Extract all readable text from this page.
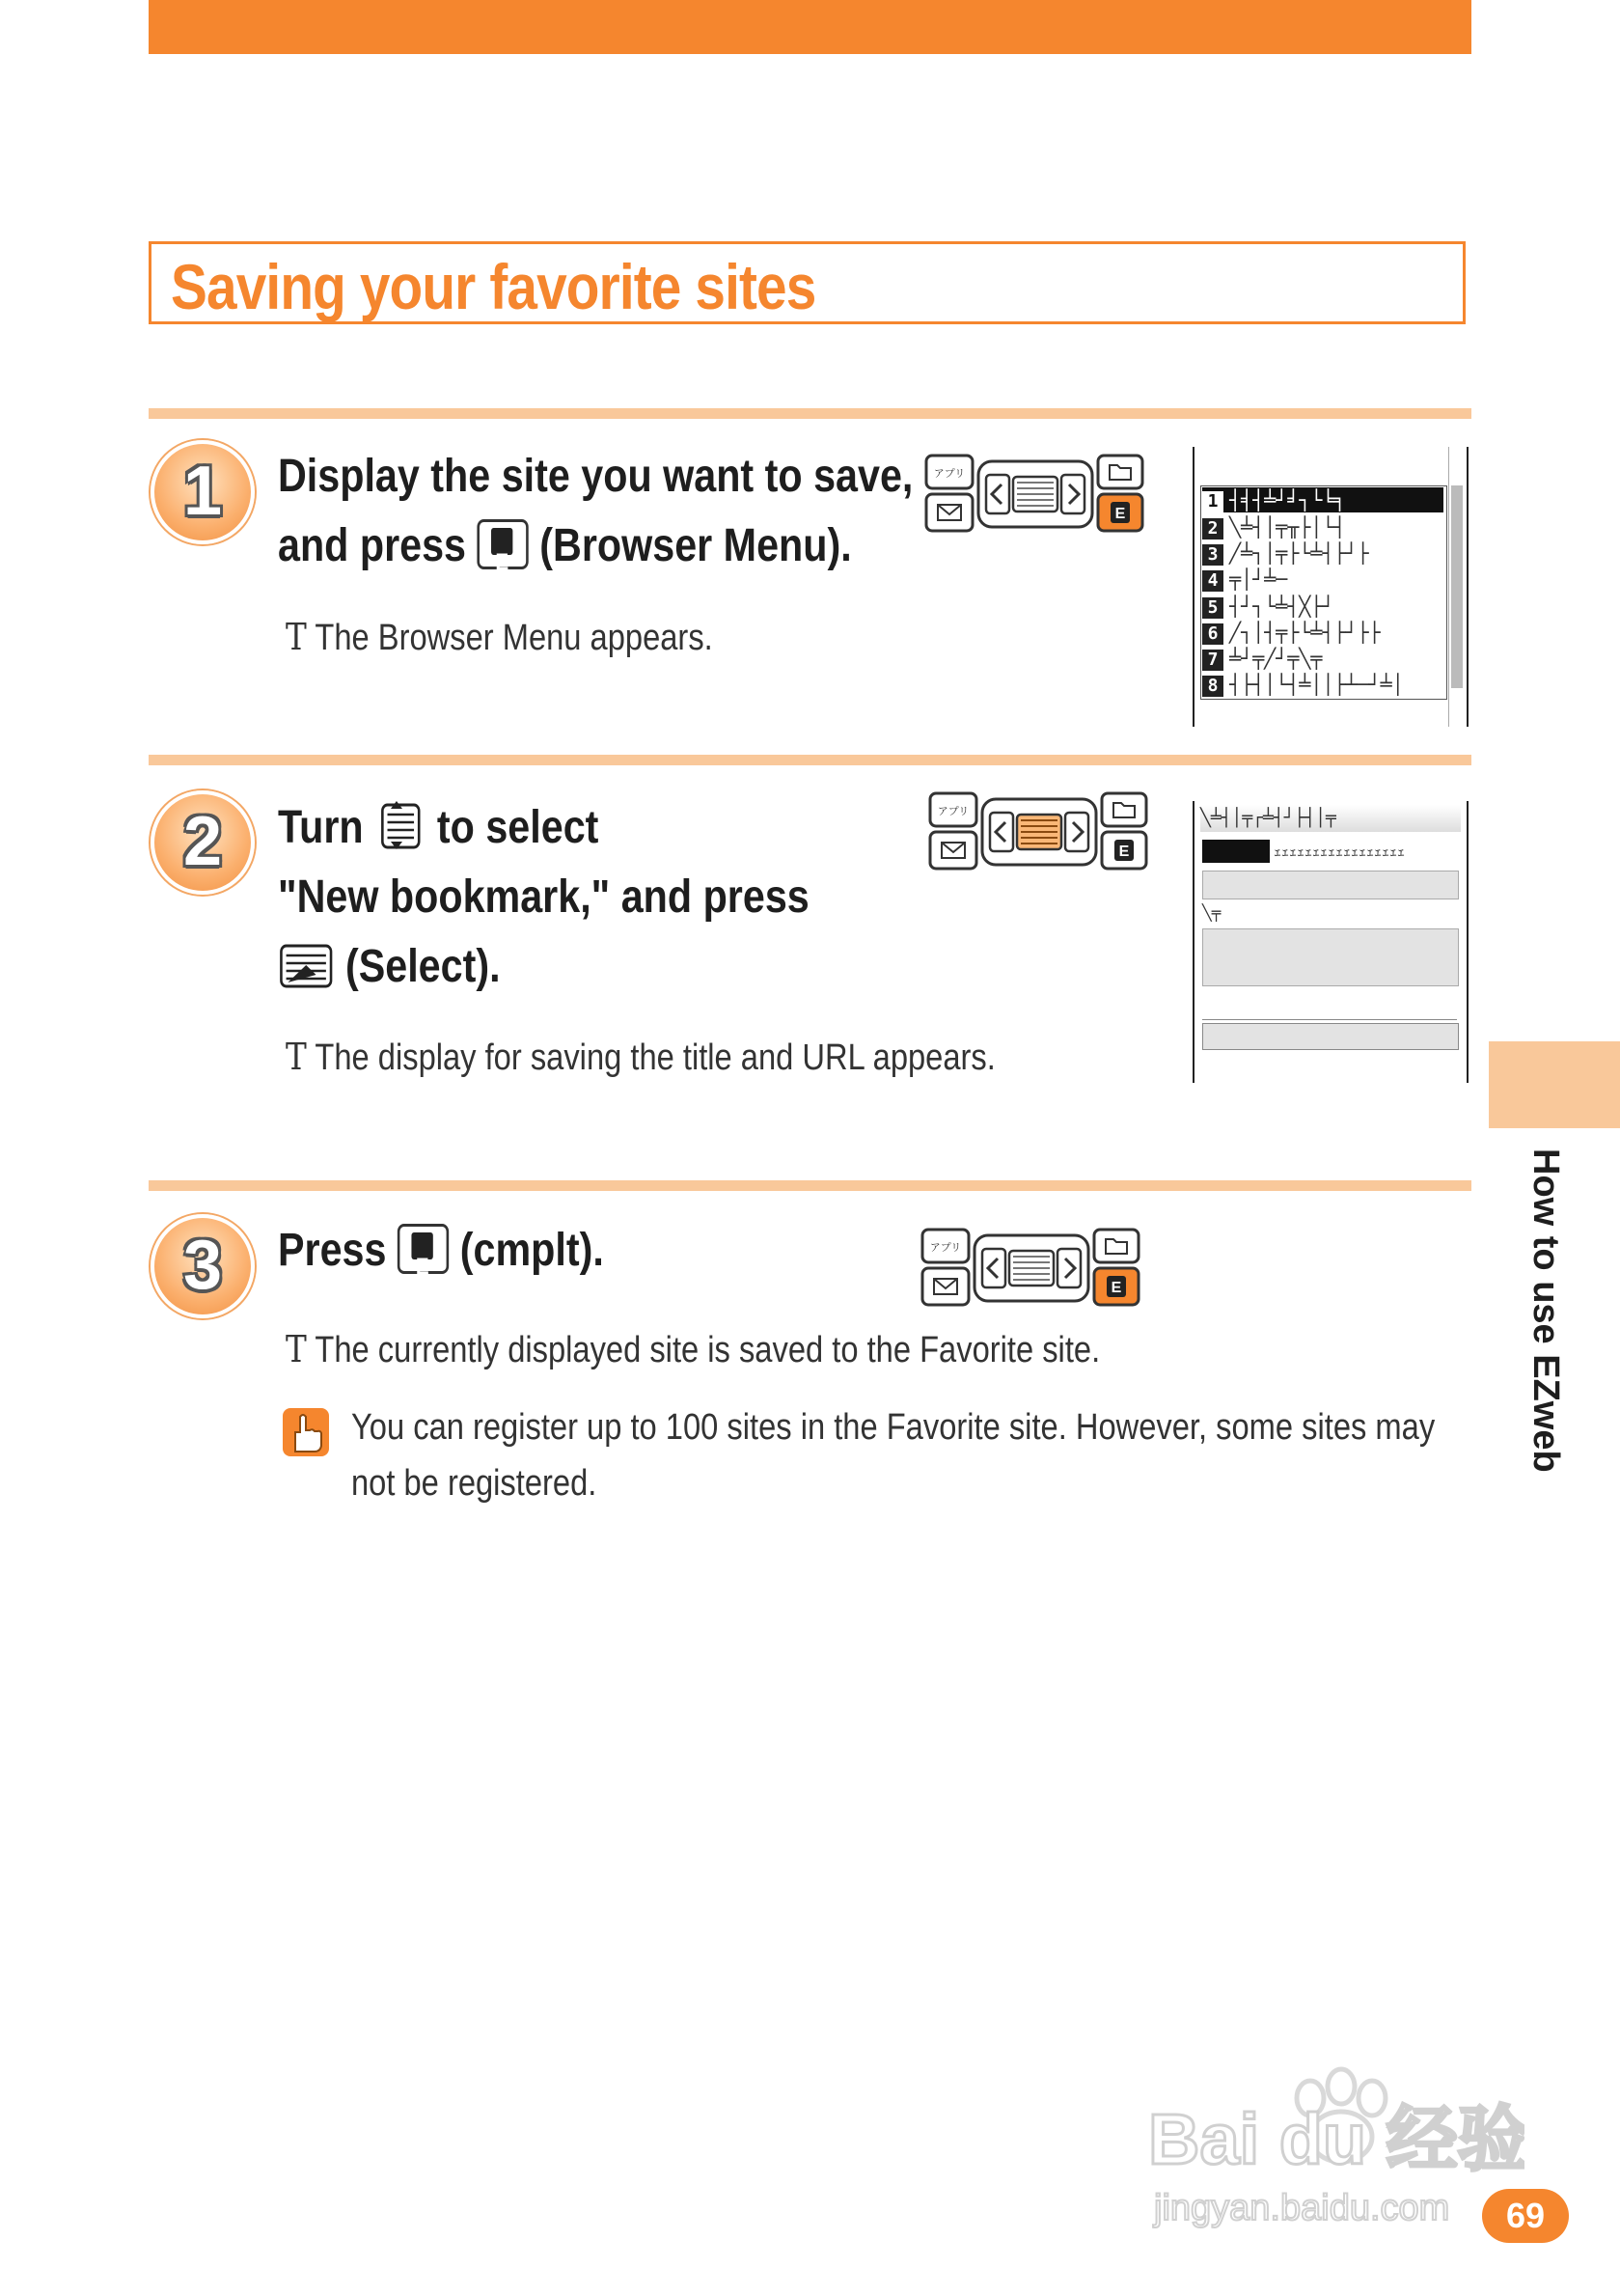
Saving your favorite sites
1	Display the site you want to save,
and press E (Browser Menu).
T The Browser Menu appears.
アプリ
E
1 ┤╡┤╧┘╛┐└╘╕
2 ╲╧┤│╤╥├│└┤
3 ╱╧┐│╤├└╧┤├┘├
4 ╤│┘╧─
5 ┤┘┐└╧┤╳├┘
6 ╱┐│┤╤├└╧┤├┘├├
7 ╧┘╤╱┘╤╲╤
8 ┤├┤│└┤╧││├┴─┘╧│
2	Turn to select
"New bookmark," and press
(Select).
T The display for saving the title and URL appears.
アプリ
E
╲╧┤│╤┌╧┤┘├┤│╤
ｪｪｪｪｪｪｪｪｪｪｪｪｪｪｪｪｪ
╲╤
3	Press E (cmplt).
T The currently displayed site is saved to the Favorite site.
アプリ
E
You can register up to 100 sites in the Favorite site. However, some sites may
not be registered.
How to use EZweb
Bai du 经验
jingyan.baidu.com	69
